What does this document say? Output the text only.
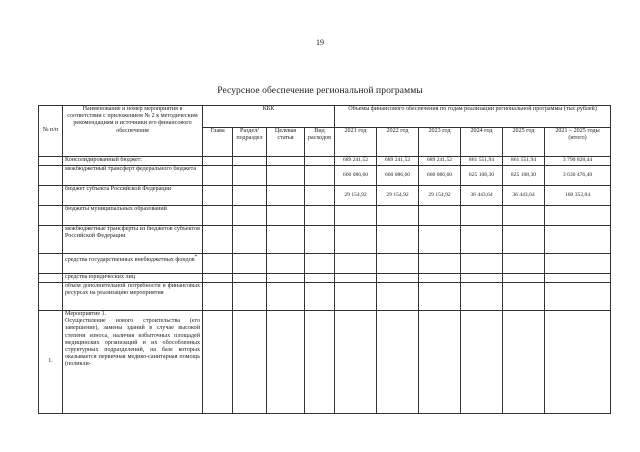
19
Ресурсное обеспечение региональной программы
№ п/п	Наименование и номер мероприятия в соответствии с приложением № 2 к методическим рекомендациям и источники его финансового обеспечения	КБК				Объемы финансового обеспечения по годам реализации региональной программы (тыс.рублей)					
		Глава	Раздел/ подраздел	Целевая статья	Вид расходов	2021 год	2022 год	2023 год	2024 год	2025 год	2021 – 2025 годы (итого)
	Консолидированный бюджет:					689 241,52	689 241,52	689 241,52	861 551,94	861 551,94	3 790 828,44
	межбюджетный трансферт федерального бюджета					660 086,60	660 086,60	660 086,60	825 108,30	825 108,30	3 630 476,40
	бюджет субъекта Российской Федерации					29 154,92	29 154,92	29 154,92	36 443,64	36 443,64	160 352,04
	бюджеты муниципальных образований										
	межбюджетные трансферты из бюджетов субъектов Российской Федерации										
	средства государственных внебюджетных фондов*										
	средства юридических лиц										
	объем дополнительной потребности в финансовых ресурсах на реализацию мероприятия										
1.	Мероприятие 1.
Осуществление нового строительства (его завершение), замены зданий в случае высокой степени износа, наличия избыточных площадей медицинских организаций и их обособленных структурных подразделений, на базе которых оказывается первичная медико-санитарная помощь (поликли-										
